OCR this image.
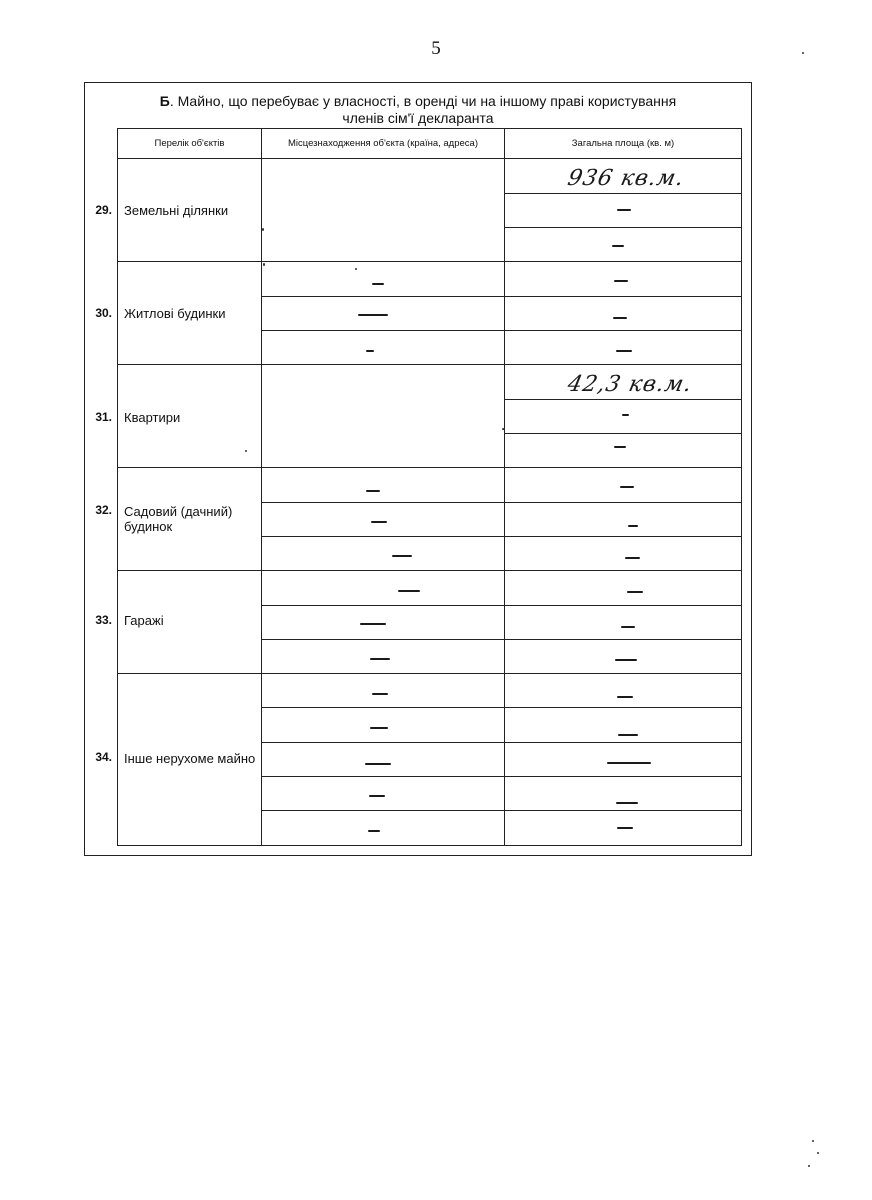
5
Б. Майно, що перебуває у власності, в оренді чи на іншому праві користування
членів сім'ї декларанта
Перелік об'єктів	Місцезнаходження об'єкта (країна, адреса)	Загальна площа (кв. м)
29. Земельні ділянки
30. Житлові будинки
31. Квартири
32. Садовий (дачний) будинок
33. Гаражі
34. Інше нерухоме майно
936 кв.м.
42,3 кв.м.
